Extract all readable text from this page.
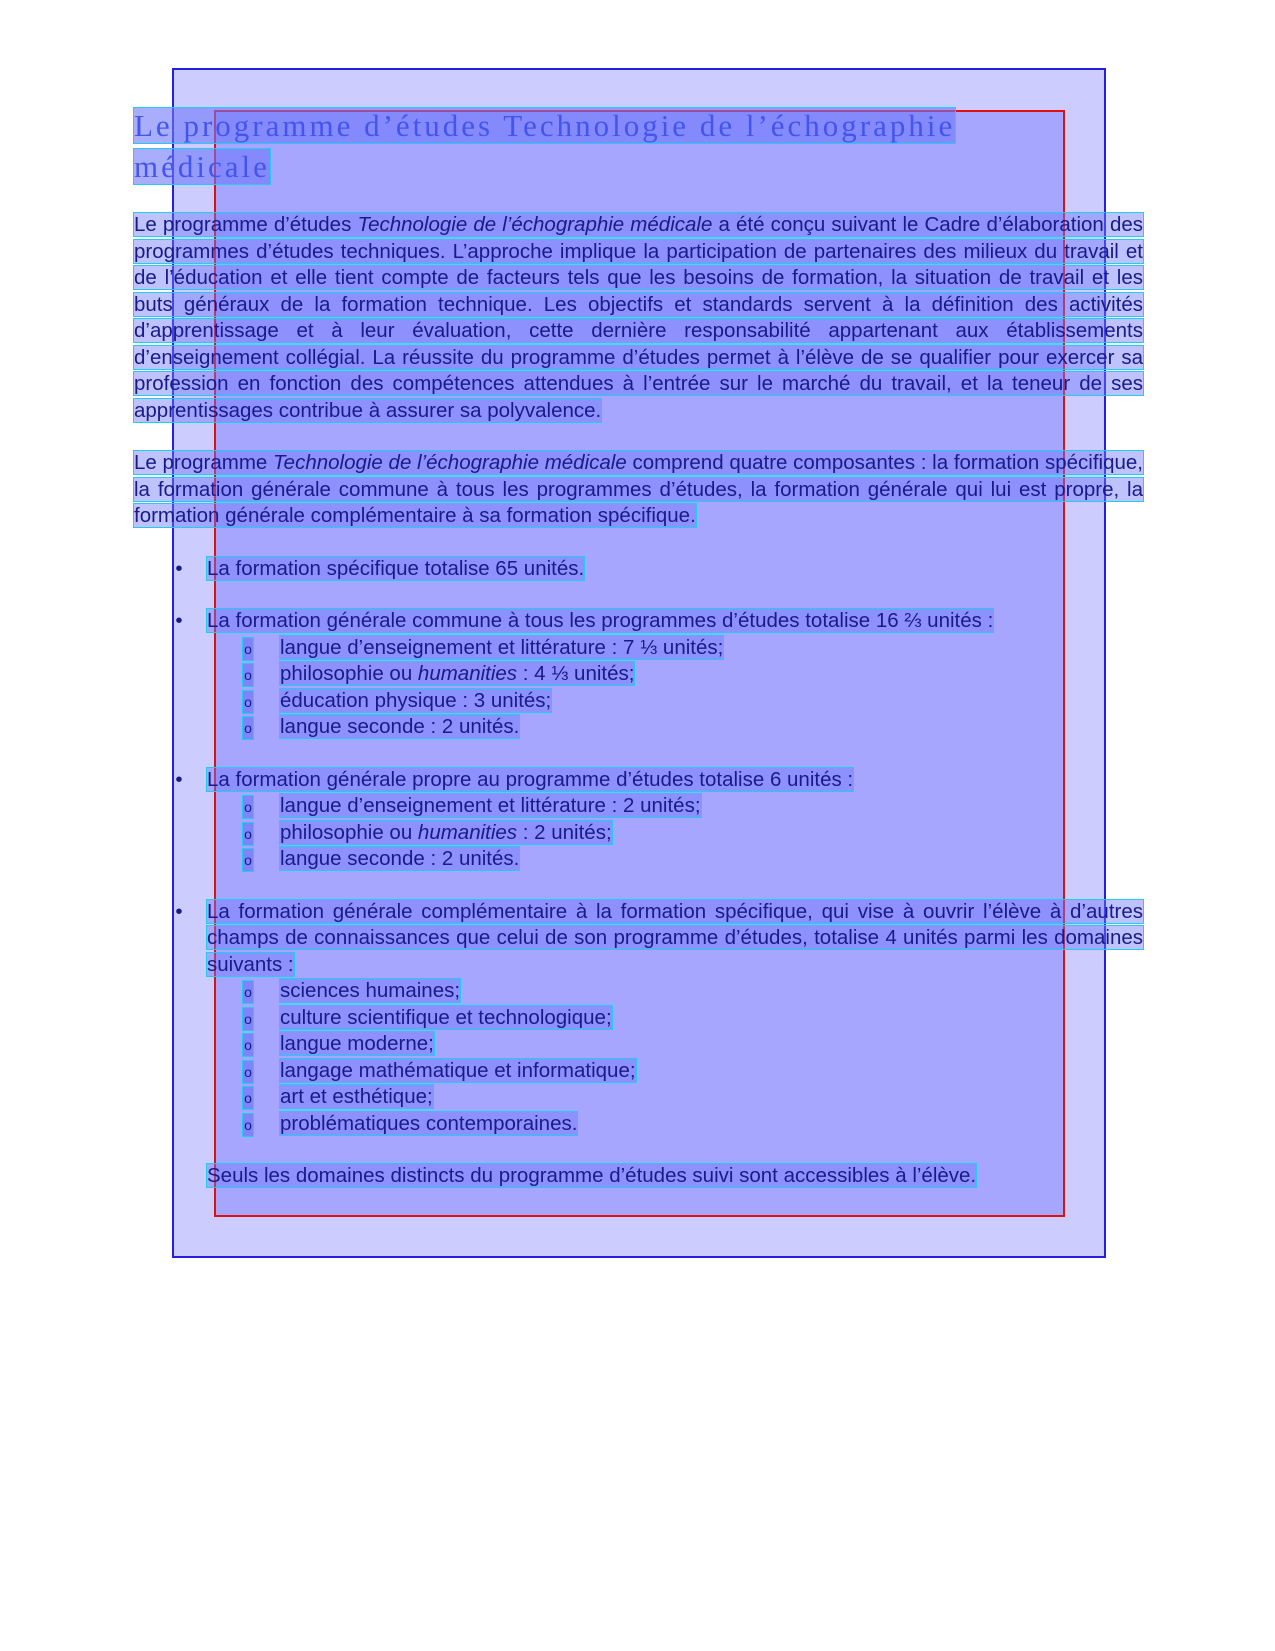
Le programme d’études Technologie de l’échographie médicale

Le programme d’études Technologie de l’échographie médicale a été conçu suivant le Cadre d’élaboration des programmes d’études techniques. L’approche implique la participation de partenaires des milieux du travail et de l’éducation et elle tient compte de facteurs tels que les besoins de formation, la situation de travail et les buts généraux de la formation technique. Les objectifs et standards servent à la définition des activités d’apprentissage et à leur évaluation, cette dernière responsabilité appartenant aux établissements d’enseignement collégial. La réussite du programme d’études permet à l’élève de se qualifier pour exercer sa profession en fonction des compétences attendues à l’entrée sur le marché du travail, et la teneur de ses apprentissages contribue à assurer sa polyvalence.

Le programme Technologie de l’échographie médicale comprend quatre composantes : la formation spécifique, la formation générale commune à tous les programmes d’études, la formation générale qui lui est propre, la formation générale complémentaire à sa formation spécifique.

• La formation spécifique totalise 65 unités.
• La formation générale commune à tous les programmes d’études totalise 16 ⅔ unités :
o langue d’enseignement et littérature : 7 ⅓ unités;
o philosophie ou humanities : 4 ⅓ unités;
o éducation physique : 3 unités;
o langue seconde : 2 unités.
• La formation générale propre au programme d’études totalise 6 unités :
o langue d’enseignement et littérature : 2 unités;
o philosophie ou humanities : 2 unités;
o langue seconde : 2 unités.
• La formation générale complémentaire à la formation spécifique, qui vise à ouvrir l’élève à d’autres champs de connaissances que celui de son programme d’études, totalise 4 unités parmi les domaines suivants :
o sciences humaines;
o culture scientifique et technologique;
o langue moderne;
o langage mathématique et informatique;
o art et esthétique;
o problématiques contemporaines.
Seuls les domaines distincts du programme d’études suivi sont accessibles à l’élève.
